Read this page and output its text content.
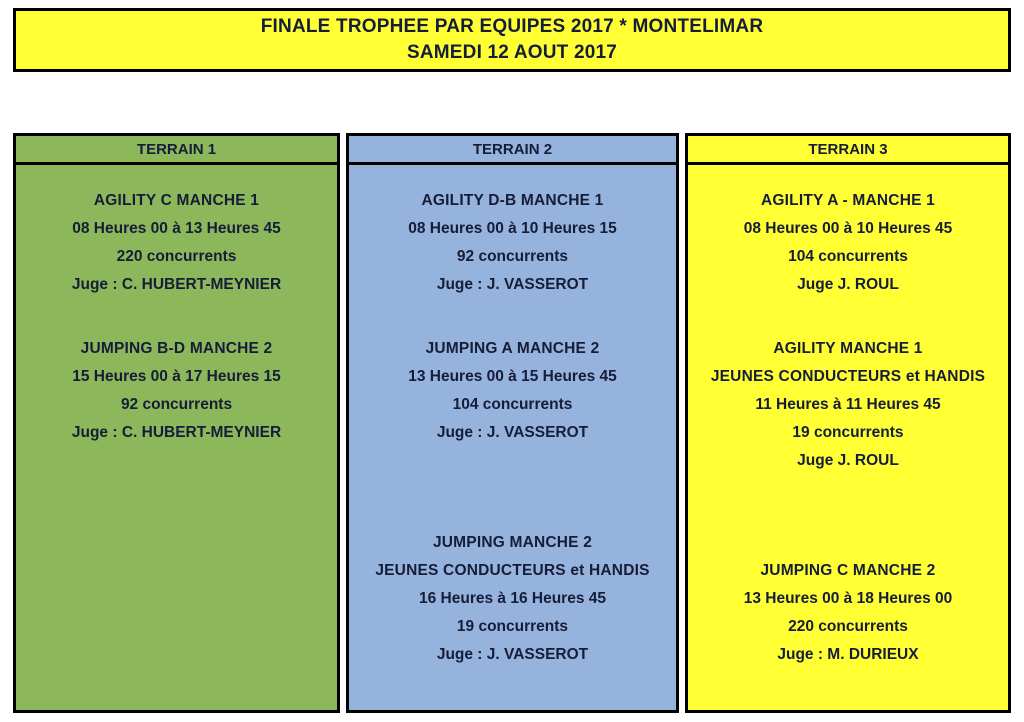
FINALE TROPHEE PAR EQUIPES 2017 * MONTELIMAR
SAMEDI 12 AOUT 2017
TERRAIN 1
AGILITY C MANCHE 1
08 Heures 00 à 13 Heures 45
220 concurrents
Juge : C. HUBERT-MEYNIER
JUMPING B-D MANCHE 2
15 Heures 00 à 17 Heures 15
92 concurrents
Juge : C. HUBERT-MEYNIER
TERRAIN 2
AGILITY D-B MANCHE 1
08 Heures 00 à 10 Heures 15
92 concurrents
Juge : J. VASSEROT
JUMPING A MANCHE 2
13 Heures 00 à 15 Heures 45
104 concurrents
Juge : J. VASSEROT
JUMPING MANCHE 2
JEUNES CONDUCTEURS et HANDIS
16 Heures à 16 Heures 45
19 concurrents
Juge : J. VASSEROT
TERRAIN 3
AGILITY A - MANCHE 1
08 Heures 00 à 10 Heures 45
104 concurrents
Juge J. ROUL
AGILITY MANCHE 1
JEUNES CONDUCTEURS et HANDIS
11 Heures à 11 Heures 45
19 concurrents
Juge J. ROUL
JUMPING C MANCHE 2
13 Heures 00 à 18 Heures 00
220 concurrents
Juge : M. DURIEUX
